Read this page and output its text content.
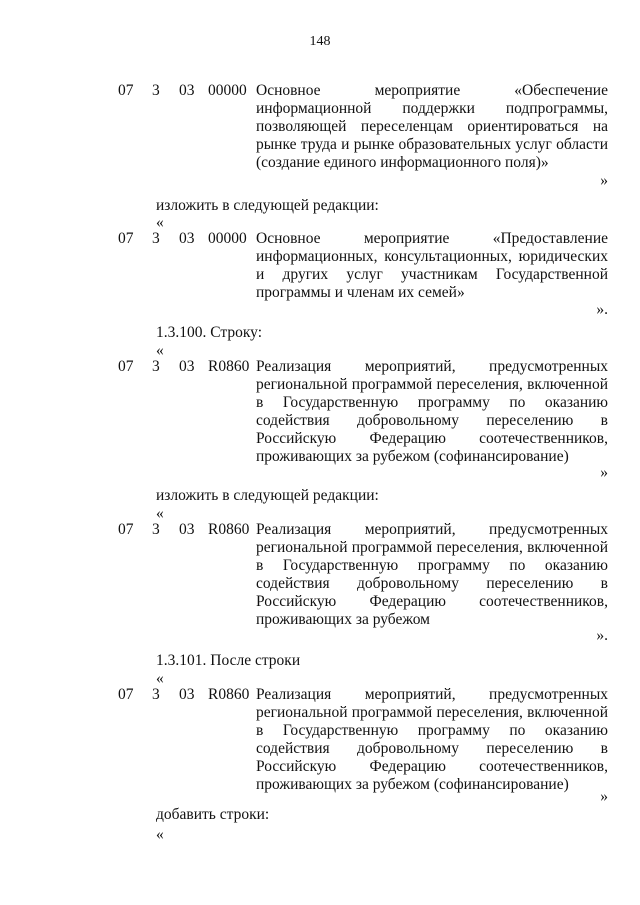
148
07 3 03 00000 Основное мероприятие «Обеспечение информационной поддержки подпрограммы, позволяющей переселенцам ориентироваться на рынке труда и рынке образовательных услуг области (создание единого информационного поля)»
»
изложить в следующей редакции:
«
07 3 03 00000 Основное мероприятие «Предоставление информационных, консультационных, юридических и других услуг участникам Государственной программы и членам их семей»
».
1.3.100. Строку:
«
07 3 03 R0860 Реализация мероприятий, предусмотренных региональной программой переселения, включенной в Государственную программу по оказанию содействия добровольному переселению в Российскую Федерацию соотечественников, проживающих за рубежом (софинансирование)
»
изложить в следующей редакции:
«
07 3 03 R0860 Реализация мероприятий, предусмотренных региональной программой переселения, включенной в Государственную программу по оказанию содействия добровольному переселению в Российскую Федерацию соотечественников, проживающих за рубежом
».
1.3.101. После строки
«
07 3 03 R0860 Реализация мероприятий, предусмотренных региональной программой переселения, включенной в Государственную программу по оказанию содействия добровольному переселению в Российскую Федерацию соотечественников, проживающих за рубежом (софинансирование)
»
добавить строки:
«
